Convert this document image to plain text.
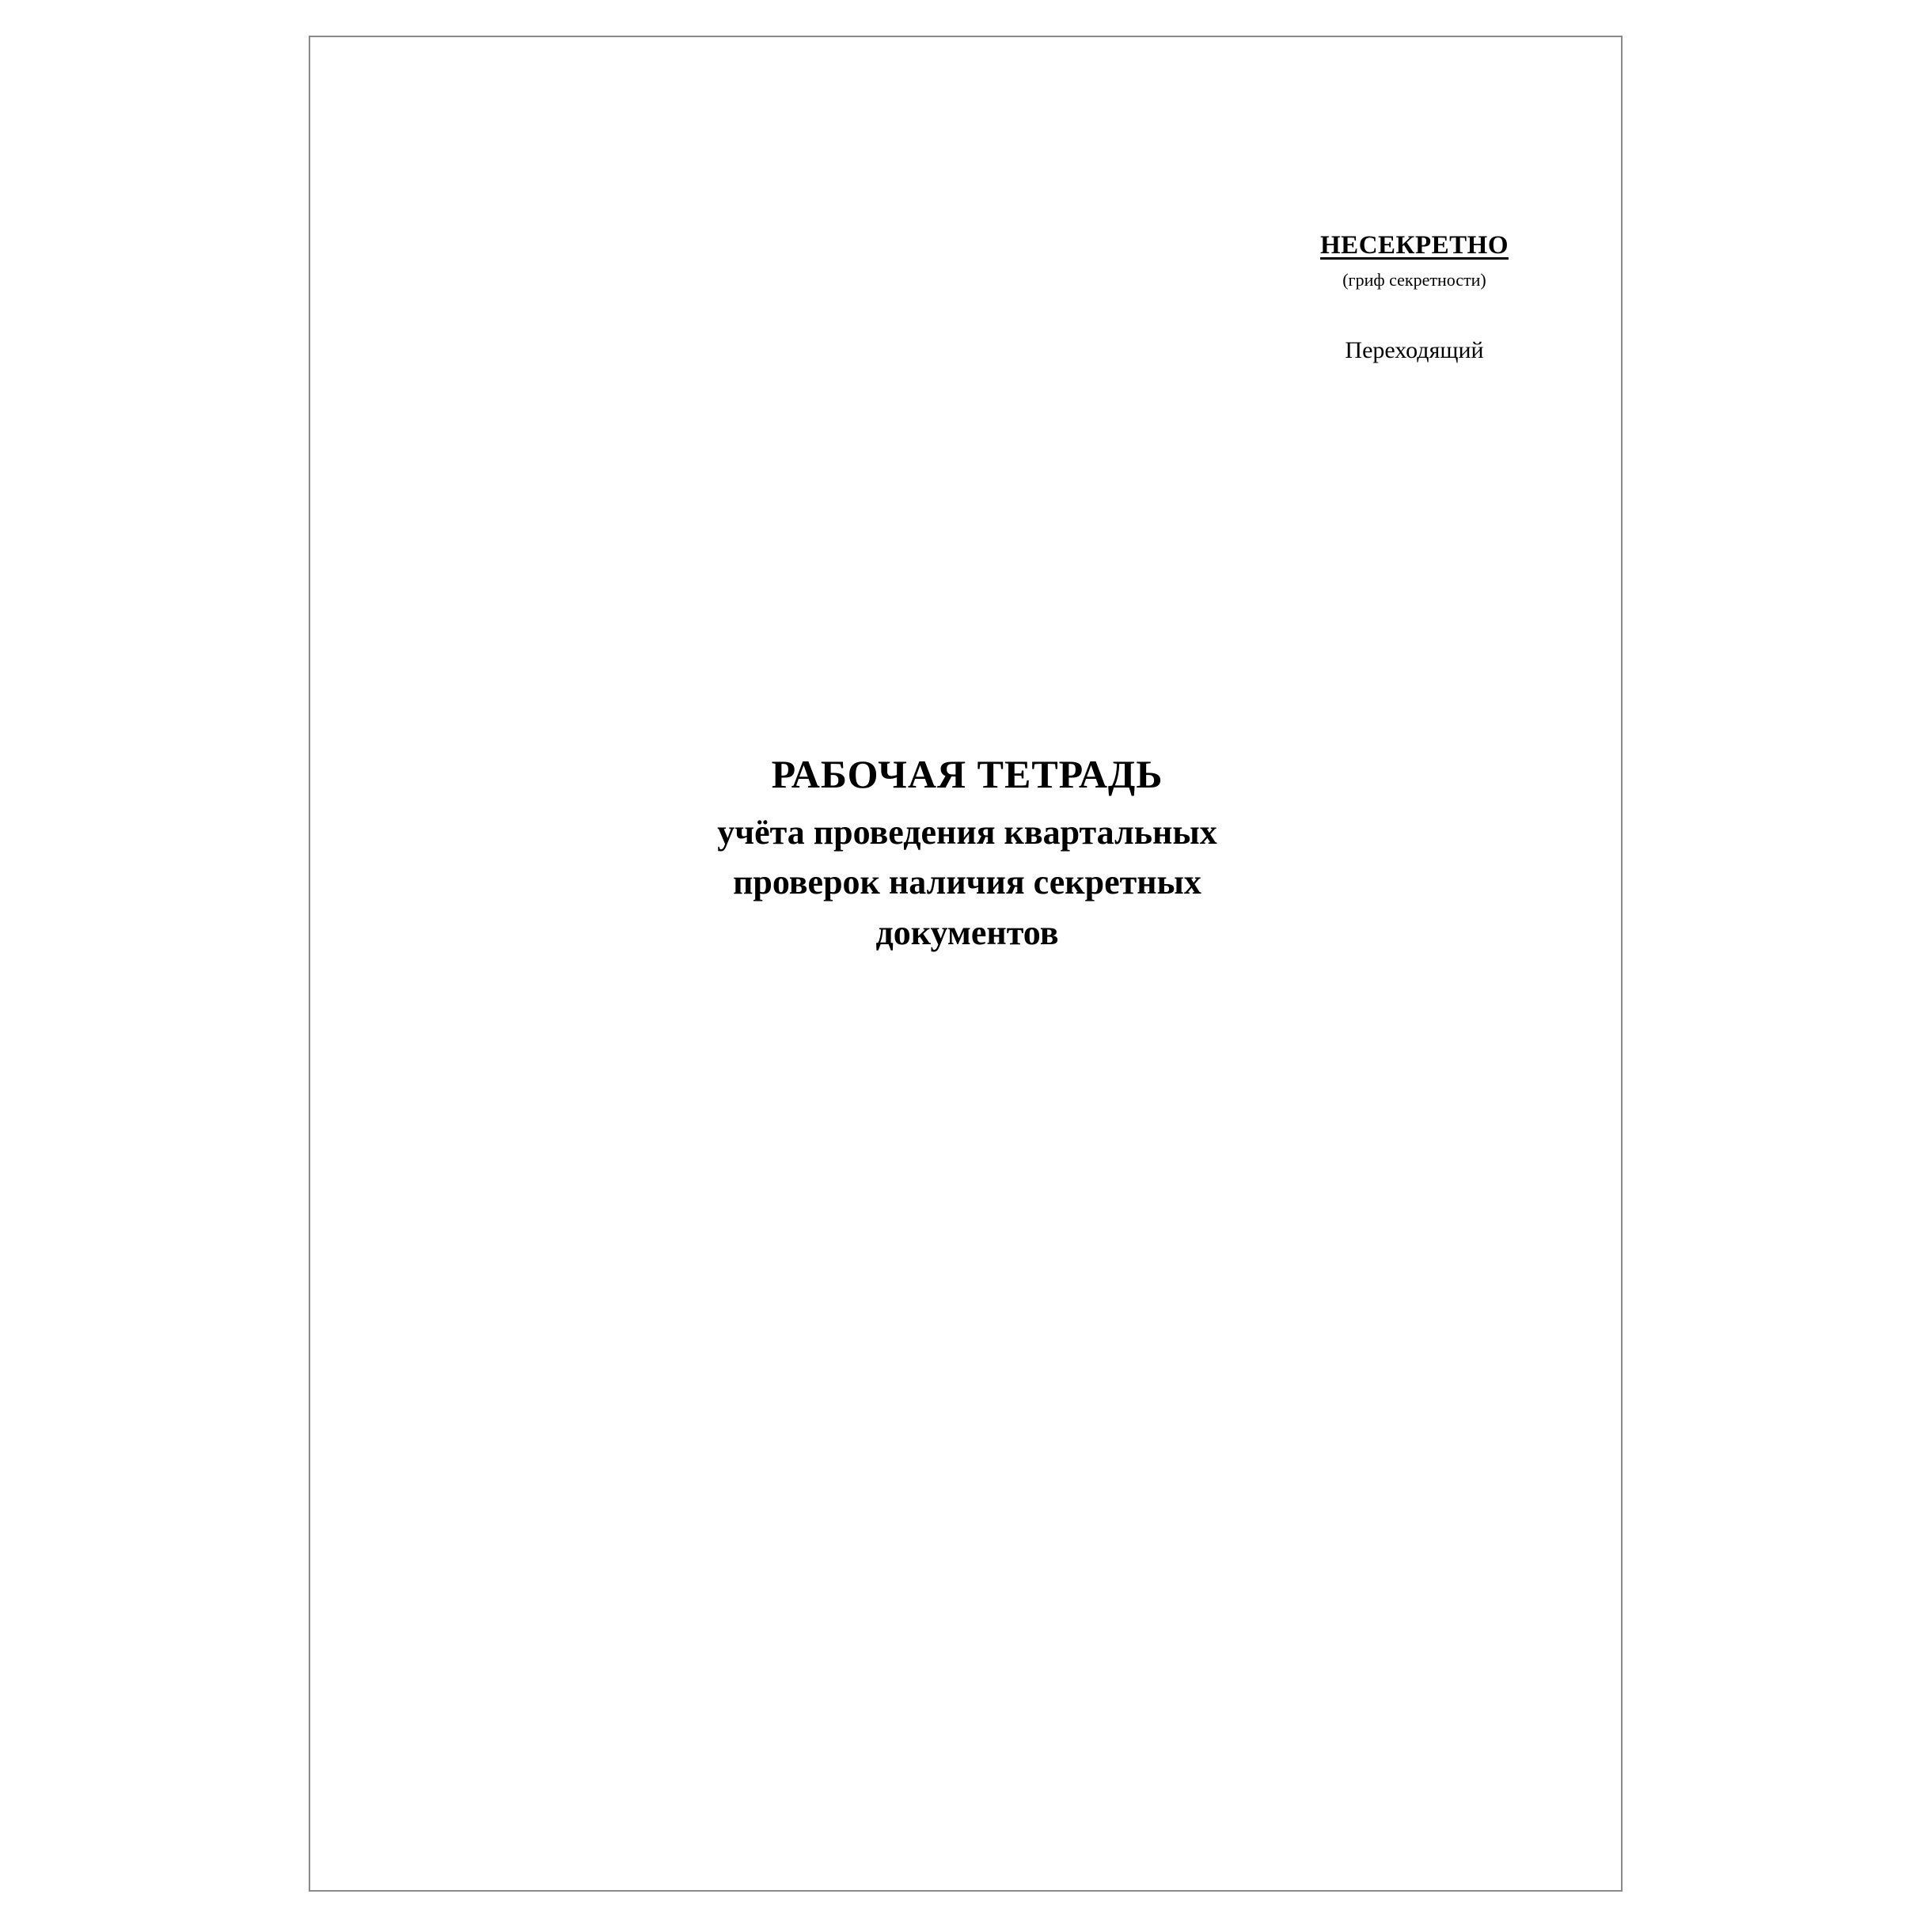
НЕСЕКРЕТНО
(гриф секретности)
Переходящий
РАБОЧАЯ ТЕТРАДЬ
учёта проведения квартальных
проверок наличия секретных
документов
